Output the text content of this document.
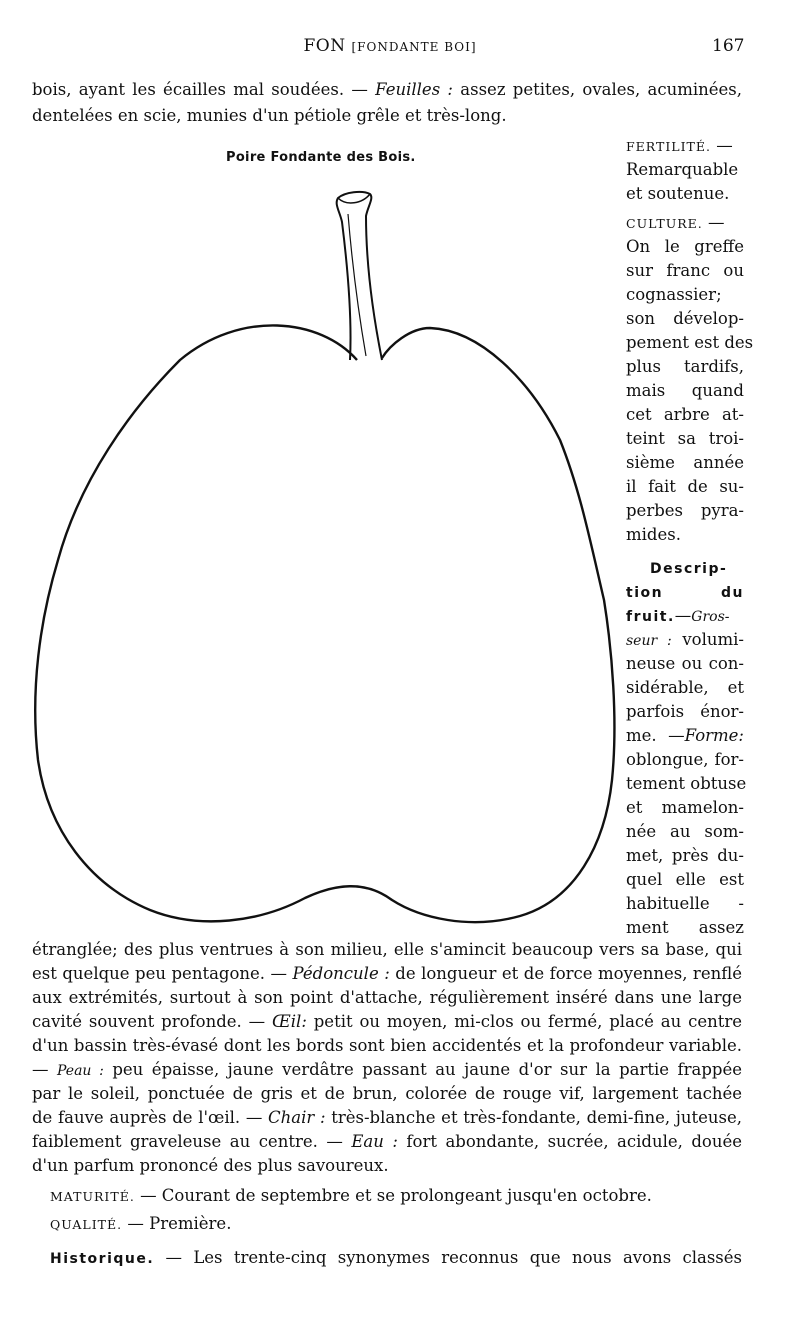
FON [FONDANTE BOI]	167
bois, ayant les écailles mal soudées. — Feuilles : assez petites, ovales, acuminées,
dentelées en scie, munies d'un pétiole grêle et très-long.
Poire Fondante des Bois.
FERTILITÉ. —
Remarquable
et soutenue.
CULTURE. —
On le greffe
sur franc ou
cognassier;
son dévelop-
pement est des
plus tardifs,
mais quand
cet arbre at-
teint sa troi-
sième année
il fait de su-
perbes pyra-
mides.
Descrip-
tion	du
fruit.—Gros-
seur : volumi-
neuse ou con-
sidérable, et
parfois énor-
me. —Forme:
oblongue, for-
tement obtuse
et mamelon-
née au som-
met, près du-
quel elle est
habituelle -
ment assez
étranglée; des plus ventrues à son milieu, elle s'amincit beaucoup vers sa base, qui
est quelque peu pentagone. — Pédoncule : de longueur et de force moyennes, renflé
aux extrémités, surtout à son point d'attache, régulièrement inséré dans une large
cavité souvent profonde. — Œil: petit ou moyen, mi-clos ou fermé, placé au centre
d'un bassin très-évasé dont les bords sont bien accidentés et la profondeur variable.
— Peau : peu épaisse, jaune verdâtre passant au jaune d'or sur la partie frappée
par le soleil, ponctuée de gris et de brun, colorée de rouge vif, largement tachée
de fauve auprès de l'œil. — Chair : très-blanche et très-fondante, demi-fine, juteuse,
faiblement graveleuse au centre. — Eau : fort abondante, sucrée, acidule, douée
d'un parfum prononcé des plus savoureux.
MATURITÉ. — Courant de septembre et se prolongeant jusqu'en octobre.
QUALITÉ. — Première.
Historique. — Les trente-cinq synonymes reconnus que nous avons classés
